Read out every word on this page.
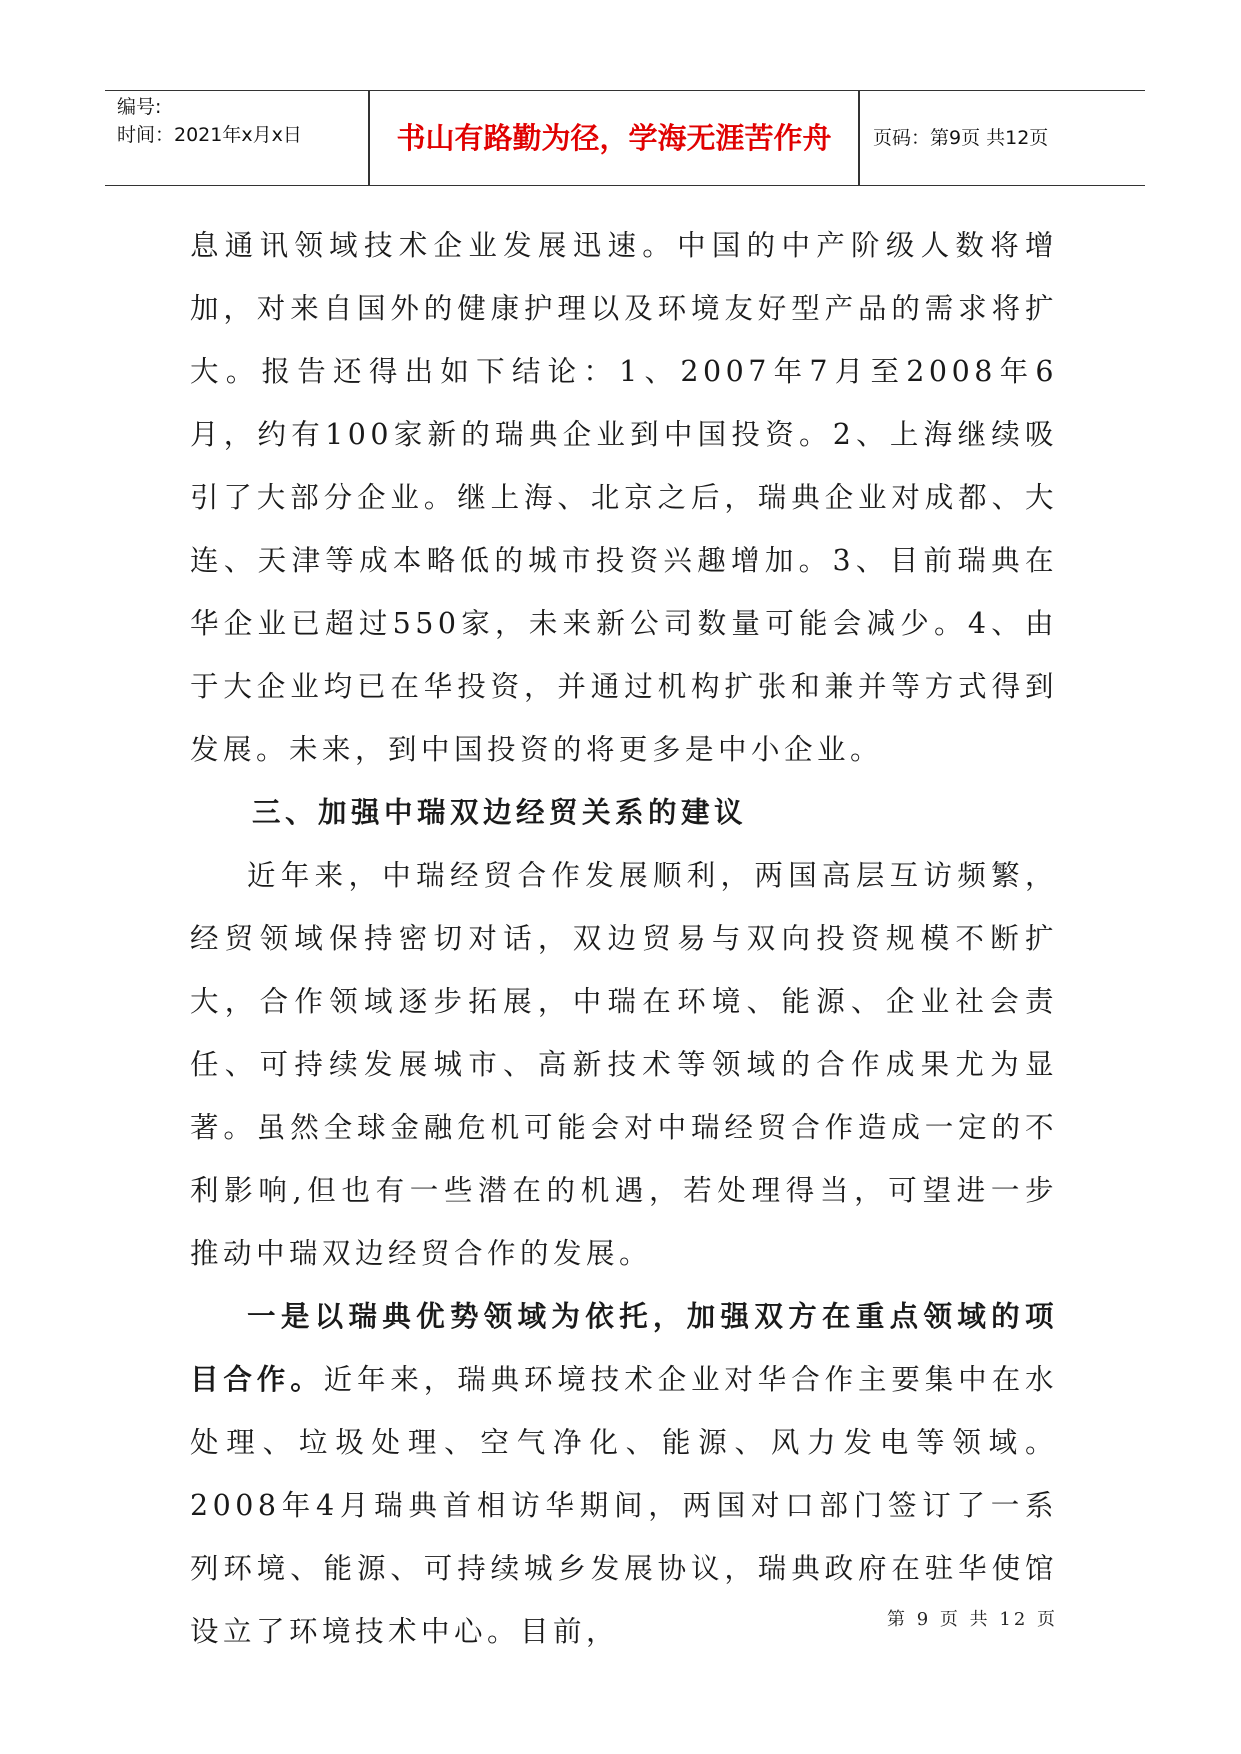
编号:
时间：2021年x月x日	书山有路勤为径，学海无涯苦作舟	页码：第9页 共12页

息通讯领域技术企业发展迅速。中国的中产阶级人数将增加，对来自国外的健康护理以及环境友好型产品的需求将扩大。报告还得出如下结论：1、2007年7月至2008年6月，约有100家新的瑞典企业到中国投资。2、上海继续吸引了大部分企业。继上海、北京之后，瑞典企业对成都、大连、天津等成本略低的城市投资兴趣增加。3、目前瑞典在华企业已超过550家，未来新公司数量可能会减少。4、由于大企业均已在华投资，并通过机构扩张和兼并等方式得到发展。未来，到中国投资的将更多是中小企业。

三、加强中瑞双边经贸关系的建议

近年来，中瑞经贸合作发展顺利，两国高层互访频繁，经贸领域保持密切对话，双边贸易与双向投资规模不断扩大，合作领域逐步拓展，中瑞在环境、能源、企业社会责任、可持续发展城市、高新技术等领域的合作成果尤为显著。虽然全球金融危机可能会对中瑞经贸合作造成一定的不利影响,但也有一些潜在的机遇，若处理得当，可望进一步推动中瑞双边经贸合作的发展。

一是以瑞典优势领域为依托，加强双方在重点领域的项目合作。近年来，瑞典环境技术企业对华合作主要集中在水处理、垃圾处理、空气净化、能源、风力发电等领域。2008年4月瑞典首相访华期间，两国对口部门签订了一系列环境、能源、可持续城乡发展协议，瑞典政府在驻华使馆设立了环境技术中心。目前，	第 9 页 共 12 页
